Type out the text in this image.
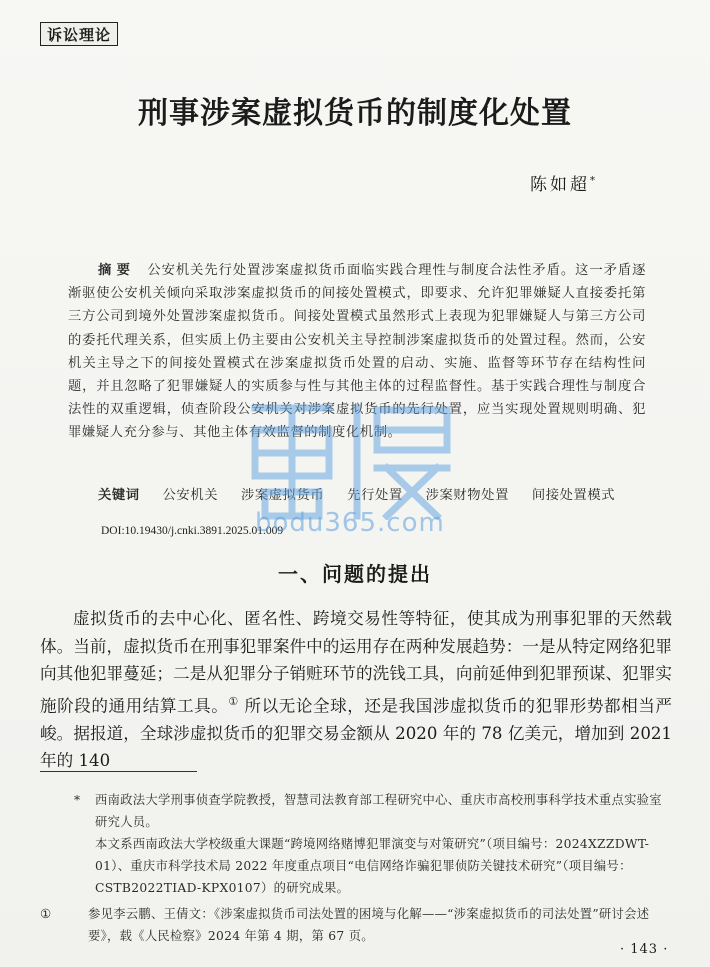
诉讼理论
刑事涉案虚拟货币的制度化处置
陈如超*
摘要 公安机关先行处置涉案虚拟货币面临实践合理性与制度合法性矛盾。这一矛盾逐渐驱使公安机关倾向采取涉案虚拟货币的间接处置模式，即要求、允许犯罪嫌疑人直接委托第三方公司到境外处置涉案虚拟货币。间接处置模式虽然形式上表现为犯罪嫌疑人与第三方公司的委托代理关系，但实质上仍主要由公安机关主导控制涉案虚拟货币的处置过程。然而，公安机关主导之下的间接处置模式在涉案虚拟货币处置的启动、实施、监督等环节存在结构性问题，并且忽略了犯罪嫌疑人的实质参与性与其他主体的过程监督性。基于实践合理性与制度合法性的双重逻辑，侦查阶段公安机关对涉案虚拟货币的先行处置，应当实现处置规则明确、犯罪嫌疑人充分参与、其他主体有效监督的制度化机制。
关键词 公安机关 涉案虚拟货币 先行处置 涉案财物处置 间接处置模式
DOI:10.19430/j.cnki.3891.2025.01.009
一、问题的提出

虚拟货币的去中心化、匿名性、跨境交易性等特征，使其成为刑事犯罪的天然载体。当前，虚拟货币在刑事犯罪案件中的运用存在两种发展趋势：一是从特定网络犯罪向其他犯罪蔓延；二是从犯罪分子销赃环节的洗钱工具，向前延伸到犯罪预谋、犯罪实施阶段的通用结算工具。① 所以无论全球，还是我国涉虚拟货币的犯罪形势都相当严峻。据报道，全球涉虚拟货币的犯罪交易金额从 2020 年的 78 亿美元，增加到 2021 年的 140

* 西南政法大学刑事侦查学院教授，智慧司法教育部工程研究中心、重庆市高校刑事科学技术重点实验室研究人员。

本文系西南政法大学校级重大课题“跨境网络赌博犯罪演变与对策研究”（项目编号：2024XZZDWT-01）、重庆市科学技术局 2022 年度重点项目“电信网络诈骗犯罪侦防关键技术研究”（项目编号：CSTB2022TIAD-KPX0107）的研究成果。

①	参见李云鹏、王倩文：《涉案虚拟货币司法处置的困境与化解——“涉案虚拟货币的司法处置”研讨会述要》，载《人民检察》2024 年第 4 期，第 67 页。

· 143 ·
bodu365.com
